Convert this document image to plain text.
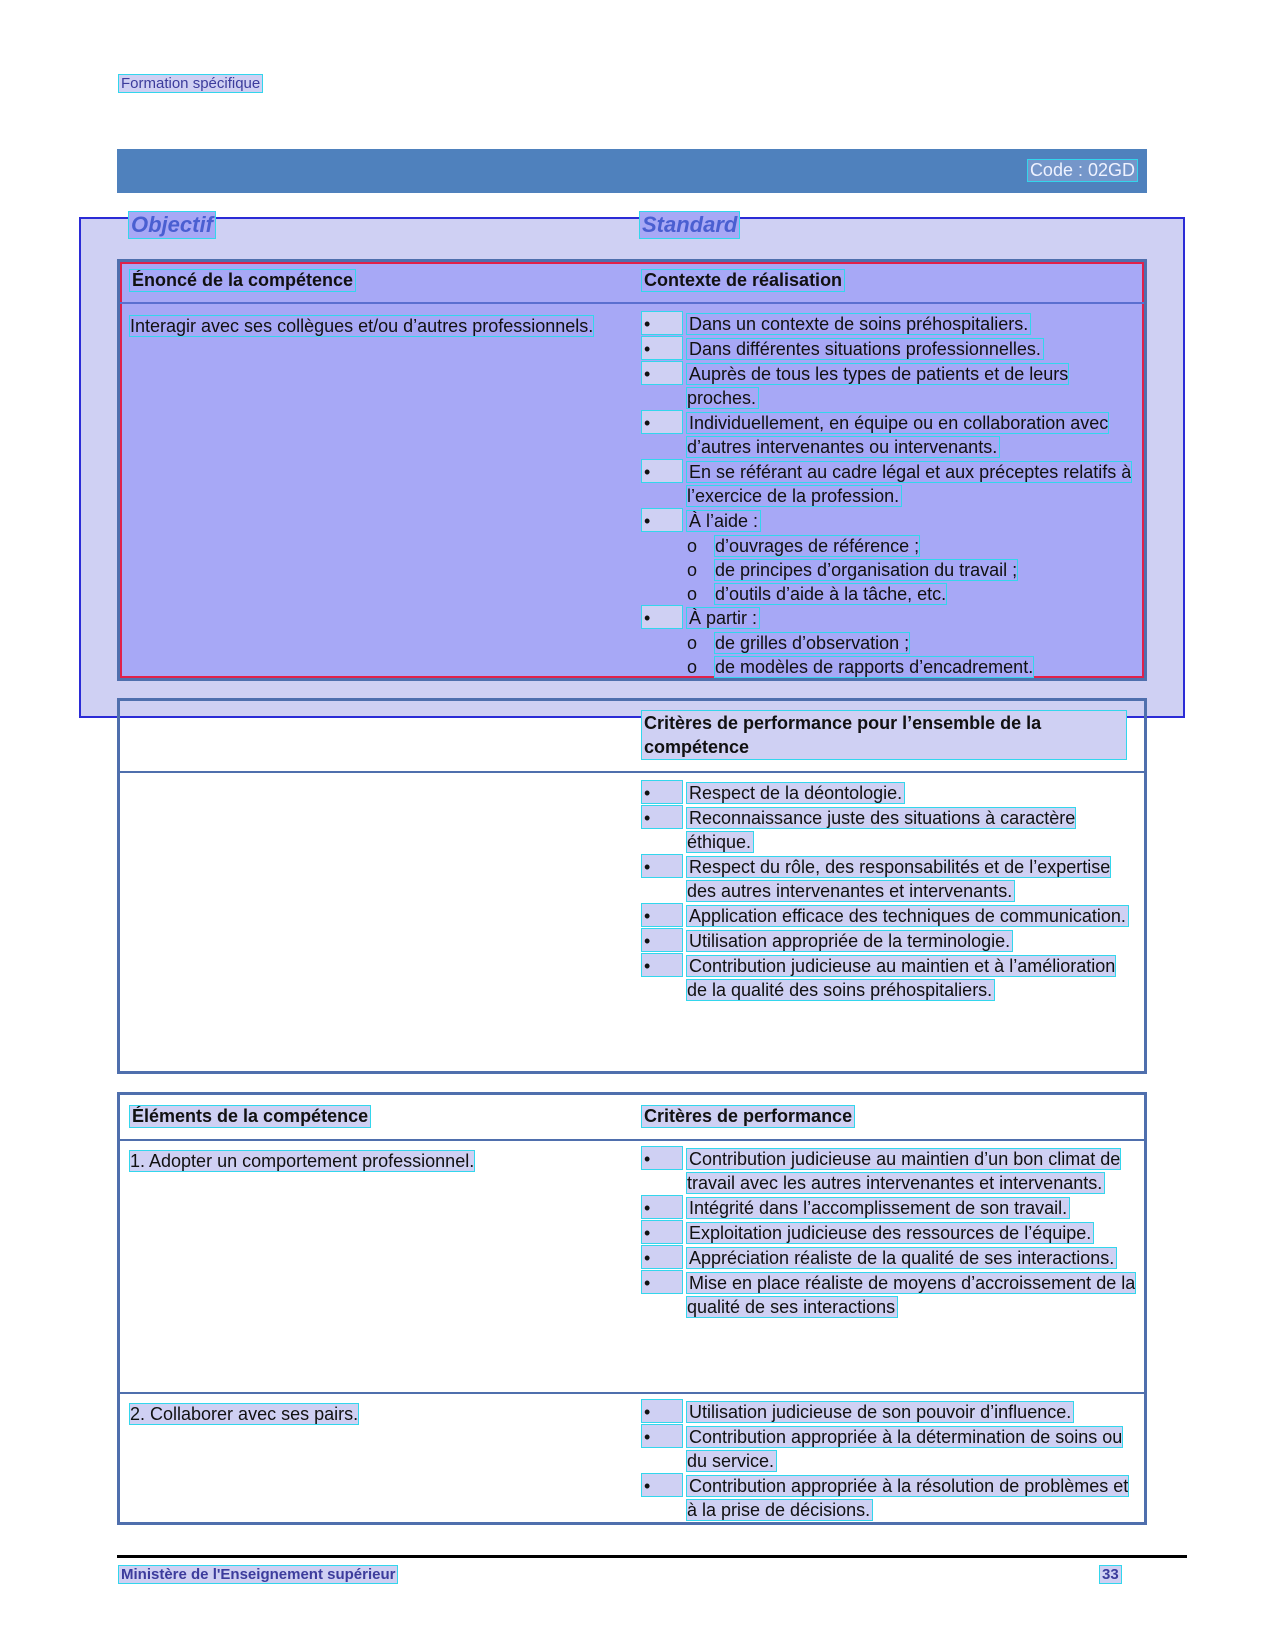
Formation spécifique
Code : 02GD
Objectif	Standard
Énoncé de la compétence	Contexte de réalisation
Interagir avec ses collègues et/ou d’autres professionnels.	•	Dans un contexte de soins préhospitaliers.
•	Dans différentes situations professionnelles.
•	Auprès de tous les types de patients et de leurs proches.
•	Individuellement, en équipe ou en collaboration avec d’autres intervenantes ou intervenants.
•	En se référant au cadre légal et aux préceptes relatifs à l’exercice de la profession.
•	À l’aide :
o d’ouvrages de référence ;
o de principes d’organisation du travail ;
o d’outils d’aide à la tâche, etc.
•	À partir :
o de grilles d’observation ;
o de modèles de rapports d’encadrement.
Critères de performance pour l’ensemble de la compétence
•	Respect de la déontologie.
•	Reconnaissance juste des situations à caractère éthique.
•	Respect du rôle, des responsabilités et de l’expertise des autres intervenantes et intervenants.
•	Application efficace des techniques de communication.
•	Utilisation appropriée de la terminologie.
•	Contribution judicieuse au maintien et à l’amélioration de la qualité des soins préhospitaliers.
Éléments de la compétence	Critères de performance
1. Adopter un comportement professionnel.	•	Contribution judicieuse au maintien d’un bon climat de travail avec les autres intervenantes et intervenants.
•	Intégrité dans l’accomplissement de son travail.
•	Exploitation judicieuse des ressources de l’équipe.
•	Appréciation réaliste de la qualité de ses interactions.
•	Mise en place réaliste de moyens d’accroissement de la qualité de ses interactions
2. Collaborer avec ses pairs.	•	Utilisation judicieuse de son pouvoir d’influence.
•	Contribution appropriée à la détermination de soins ou du service.
•	Contribution appropriée à la résolution de problèmes et à la prise de décisions.
Ministère de l'Enseignement supérieur	33
